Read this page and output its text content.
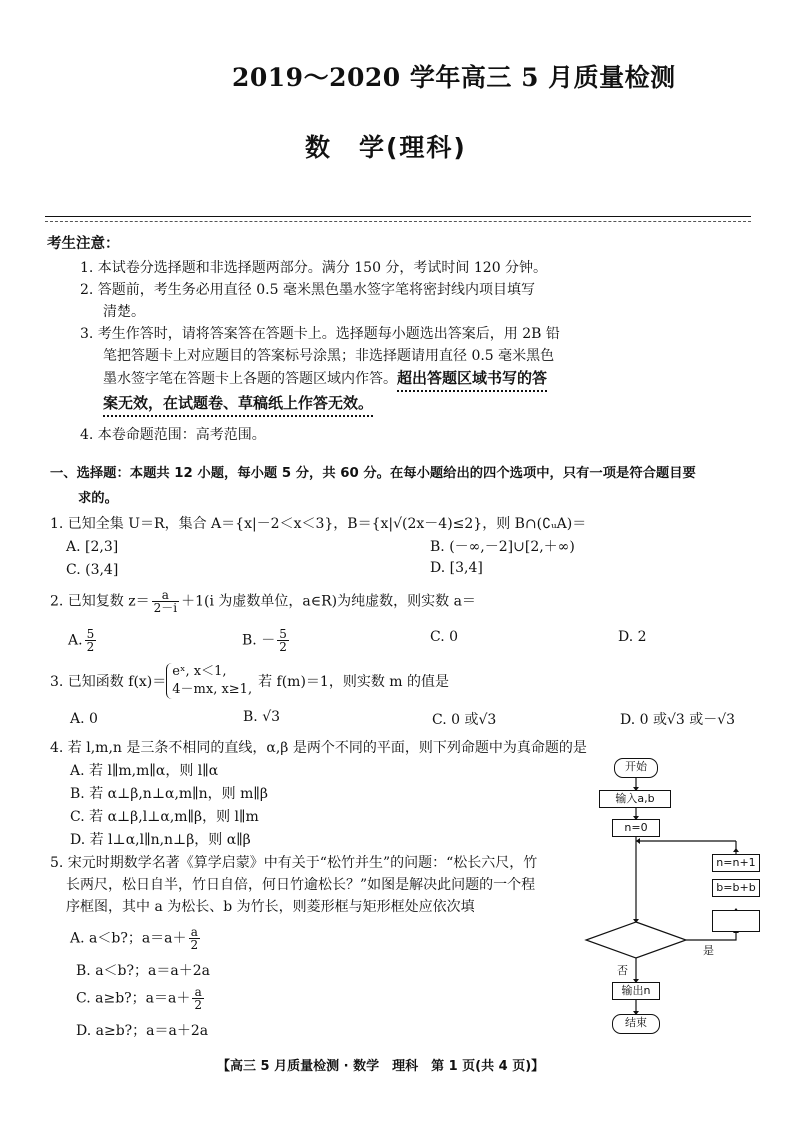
2019～2020 学年高三 5 月质量检测
数　学(理科)
考生注意：
1. 本试卷分选择题和非选择题两部分。满分 150 分，考试时间 120 分钟。
2. 答题前，考生务必用直径 0.5 毫米黑色墨水签字笔将密封线内项目填写
清楚。
3. 考生作答时，请将答案答在答题卡上。选择题每小题选出答案后，用 2B 铅
笔把答题卡上对应题目的答案标号涂黑；非选择题请用直径 0.5 毫米黑色
墨水签字笔在答题卡上各题的答题区域内作答。超出答题区域书写的答
案无效，在试题卷、草稿纸上作答无效。
4. 本卷命题范围：高考范围。
一、选择题：本题共 12 小题，每小题 5 分，共 60 分。在每小题给出的四个选项中，只有一项是符合题目要
求的。
1. 已知全集 U＝R，集合 A＝{x|－2＜x＜3}，B＝{x|√(2x－4)≤2}，则 B∩(∁ᵤA)＝
A. [2,3]	B. (－∞,－2]∪[2,＋∞)
C. (3,4]	D. [3,4]
2. 已知复数 $z= \frac{a}{2-i} +1(i$ 为虚数单位，a∈R)为纯虚数，则实数 a＝
A. $\frac{5}{2}$	B. － $\frac{5}{2}$	C. 0	D. 2
3. 已知函数 f(x)＝
eˣ, x＜1,
4－mx, x≥1, 若 f(m)＝1，则实数 m 的值是
A. 0	B. √3	C. 0 或√3	D. 0 或√3 或－√3
4. 若 l,m,n 是三条不相同的直线，α,β 是两个不同的平面，则下列命题中为真命题的是
A. 若 l∥m,m∥α，则 l∥α
B. 若 α⊥β,n⊥α,m∥n，则 m∥β
C. 若 α⊥β,l⊥α,m∥β，则 l∥m
D. 若 l⊥α,l∥n,n⊥β，则 α∥β
5. 宋元时期数学名著《算学启蒙》中有关于“松竹并生”的问题：“松长六尺，竹
长两尺，松日自半，竹日自倍，何日竹逾松长？”如图是解决此问题的一个程
序框图，其中 a 为松长、b 为竹长，则菱形框与矩形框处应依次填
A. a＜b?；$a=a+ \frac{a}{2}$
B. a＜b?；a＝a＋2a
C. a≥b?；$a=a+ \frac{a}{2}$
D. a≥b?；a＝a＋2a
开始
输入a,b
n=0
n=n+1
b=b+b
是
否
输出n
结束
【高三 5 月质量检测 · 数学　理科　第 1 页(共 4 页)】
